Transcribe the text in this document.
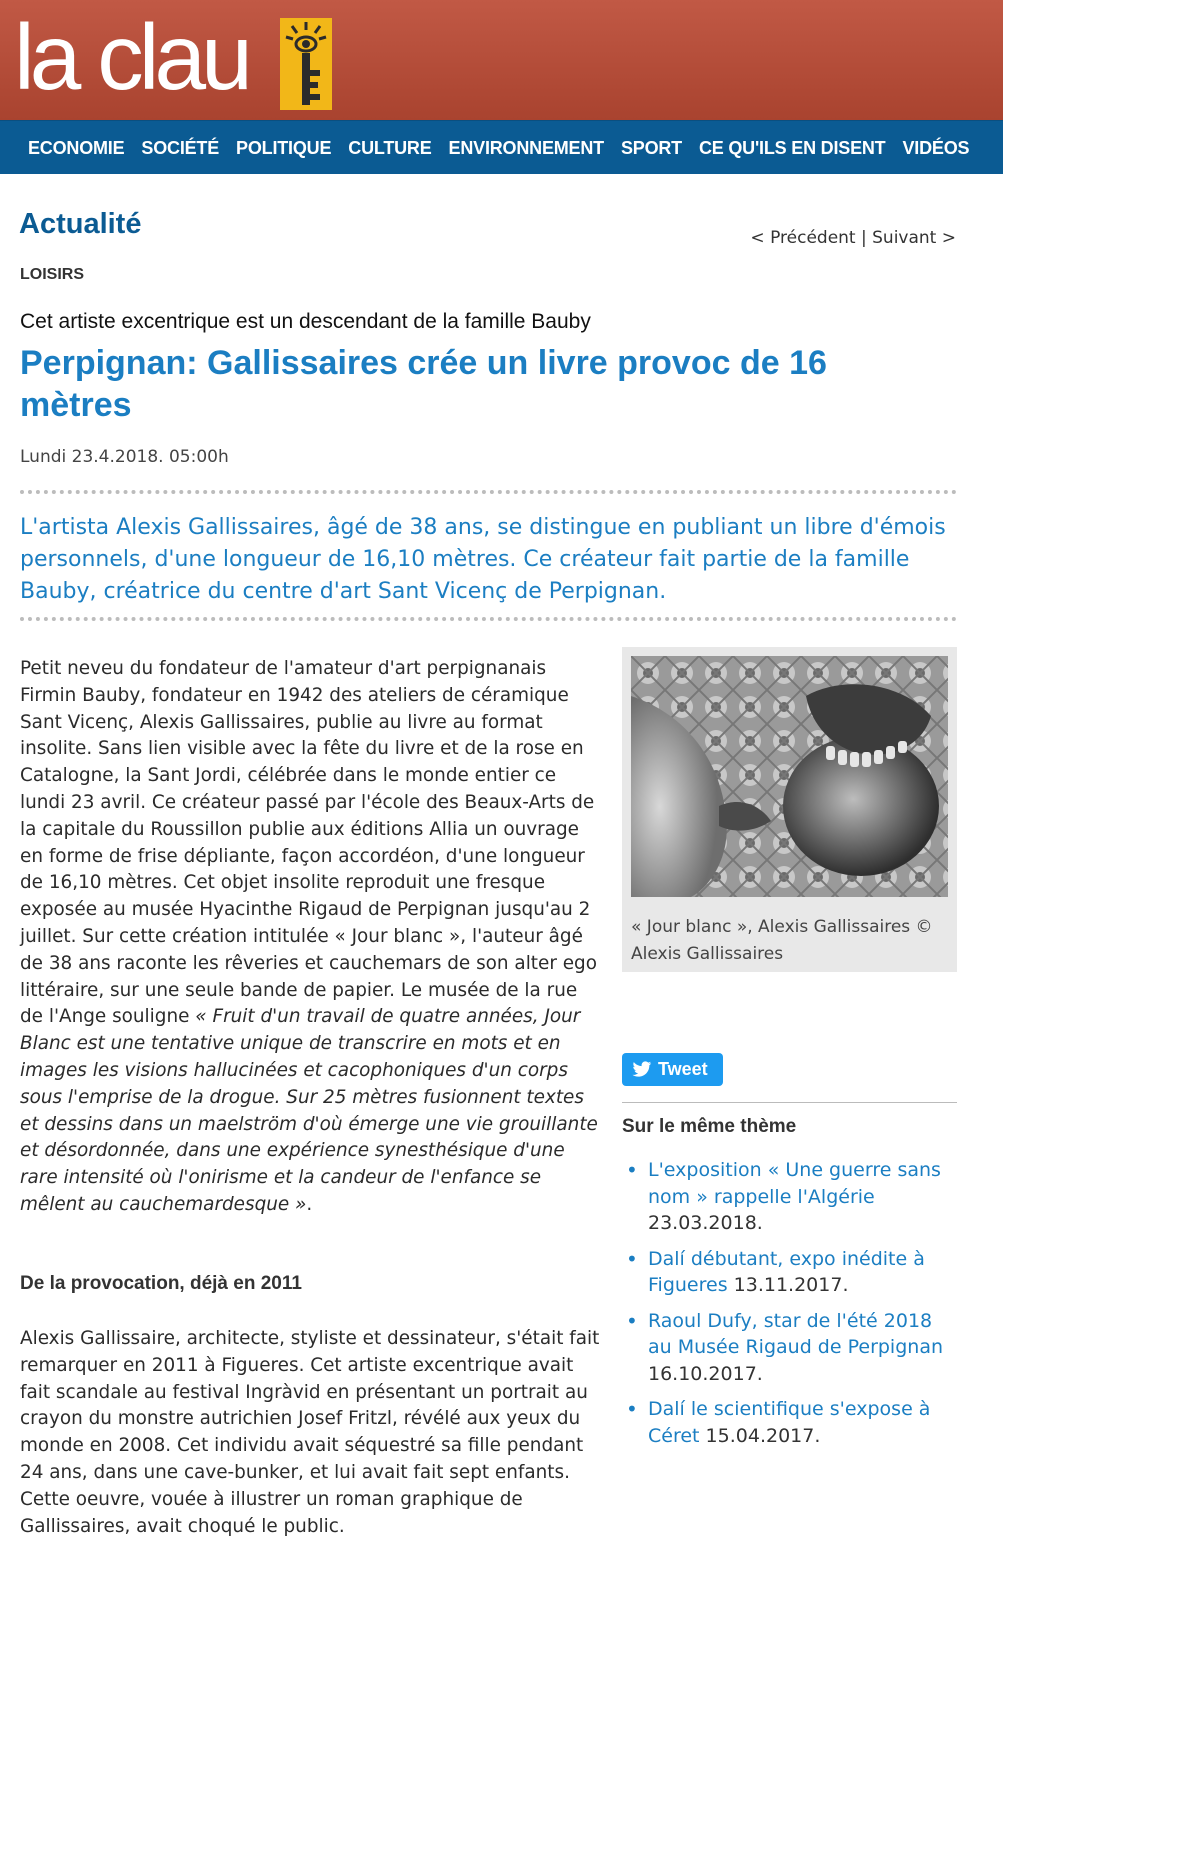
la clau
ECONOMIE SOCIÉTÉ POLITIQUE CULTURE ENVIRONNEMENT SPORT CE QU'ILS EN DISENT VIDÉOS
Actualité	< Précédent | Suivant >
LOISIRS
Cet artiste excentrique est un descendant de la famille Bauby
Perpignan: Gallissaires crée un livre provoc de 16 mètres
Lundi 23.4.2018. 05:00h

L'artista Alexis Gallissaires, âgé de 38 ans, se distingue en publiant un libre d'émois personnels, d'une longueur de 16,10 mètres. Ce créateur fait partie de la famille Bauby, créatrice du centre d'art Sant Vicenç de Perpignan.

Petit neveu du fondateur de l'amateur d'art perpignanais Firmin Bauby, fondateur en 1942 des ateliers de céramique Sant Vicenç, Alexis Gallissaires, publie au livre au format insolite. Sans lien visible avec la fête du livre et de la rose en Catalogne, la Sant Jordi, célébrée dans le monde entier ce lundi 23 avril. Ce créateur passé par l'école des Beaux-Arts de la capitale du Roussillon publie aux éditions Allia un ouvrage en forme de frise dépliante, façon accordéon, d'une longueur de 16,10 mètres. Cet objet insolite reproduit une fresque exposée au musée Hyacinthe Rigaud de Perpignan jusqu'au 2 juillet. Sur cette création intitulée « Jour blanc », l'auteur âgé de 38 ans raconte les rêveries et cauchemars de son alter ego littéraire, sur une seule bande de papier. Le musée de la rue de l'Ange souligne « Fruit d'un travail de quatre années, Jour Blanc est une tentative unique de transcrire en mots et en images les visions hallucinées et cacophoniques d'un corps sous l'emprise de la drogue. Sur 25 mètres fusionnent textes et dessins dans un maelström d'où émerge une vie grouillante et désordonnée, dans une expérience synesthésique d'une rare intensité où l'onirisme et la candeur de l'enfance se mêlent au cauchemardesque ».

De la provocation, déjà en 2011

Alexis Gallissaire, architecte, styliste et dessinateur, s'était fait remarquer en 2011 à Figueres. Cet artiste excentrique avait fait scandale au festival Ingràvid en présentant un portrait au crayon du monstre autrichien Josef Fritzl, révélé aux yeux du monde en 2008. Cet individu avait séquestré sa fille pendant 24 ans, dans une cave-bunker, et lui avait fait sept enfants. Cette oeuvre, vouée à illustrer un roman graphique de Gallissaires, avait choqué le public.

« Jour blanc », Alexis Gallissaires © Alexis Gallissaires
Tweet
Sur le même thème
• L'exposition « Une guerre sans nom » rappelle l'Algérie 23.03.2018.
• Dalí débutant, expo inédite à Figueres 13.11.2017.
• Raoul Dufy, star de l'été 2018 au Musée Rigaud de Perpignan 16.10.2017.
• Dalí le scientifique s'expose à Céret 15.04.2017.
